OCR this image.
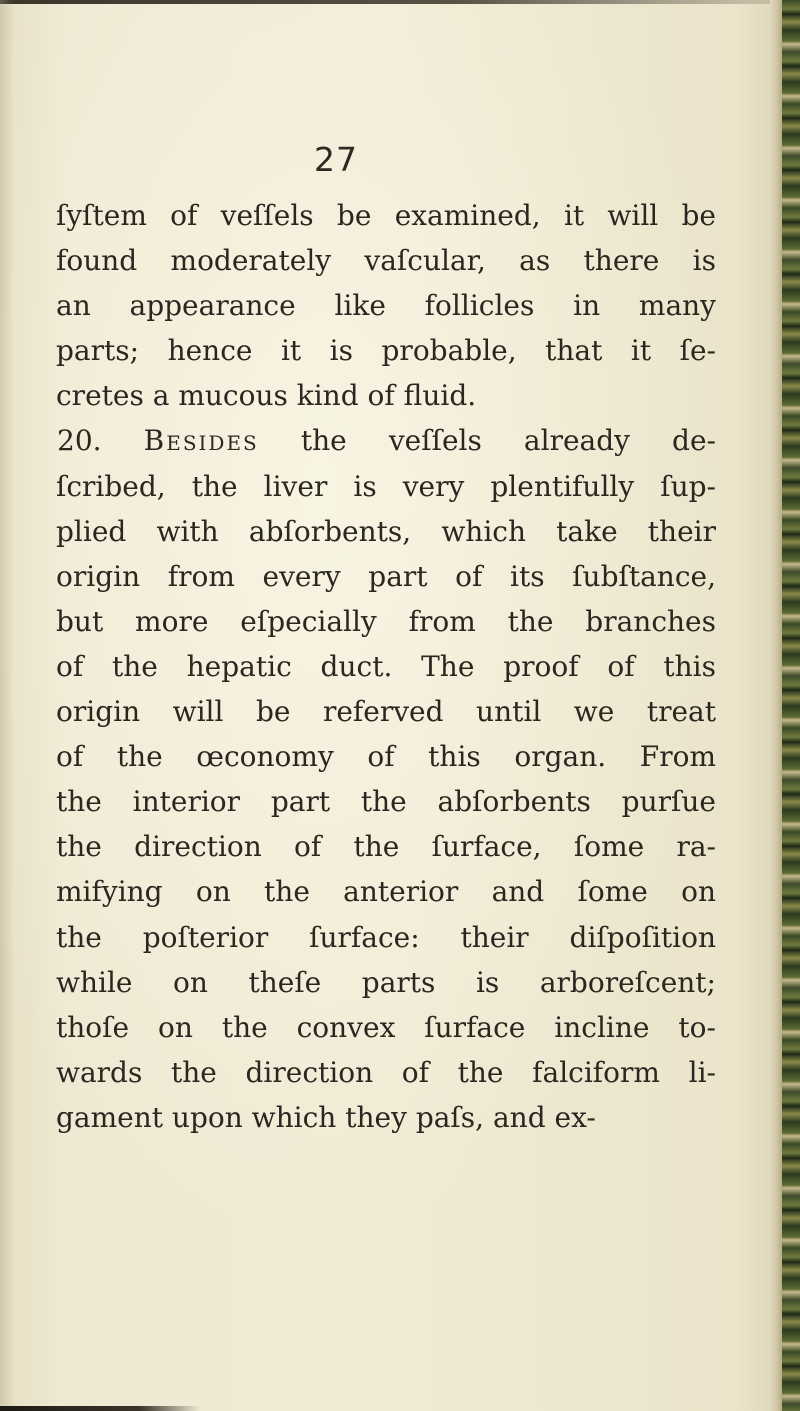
27
ſyſtem of veſſels be examined, it will be
found moderately vaſcular, as there is
an appearance like follicles in many
parts; hence it is probable, that it ſe-
cretes a mucous kind of fluid.
20. Besides the veſſels already de-
ſcribed, the liver is very plentifully ſup-
plied with abſorbents, which take their
origin from every part of its ſubſtance,
but more eſpecially from the branches
of the hepatic duct. The proof of this
origin will be referved until we treat
of the œconomy of this organ. From
the interior part the abſorbents purſue
the direction of the ſurface, ſome ra-
mifying on the anterior and ſome on
the poſterior ſurface: their diſpoſition
while on theſe parts is arboreſcent;
thoſe on the convex ſurface incline to-
wards the direction of the falciform li-
gament upon which they paſs, and ex-
